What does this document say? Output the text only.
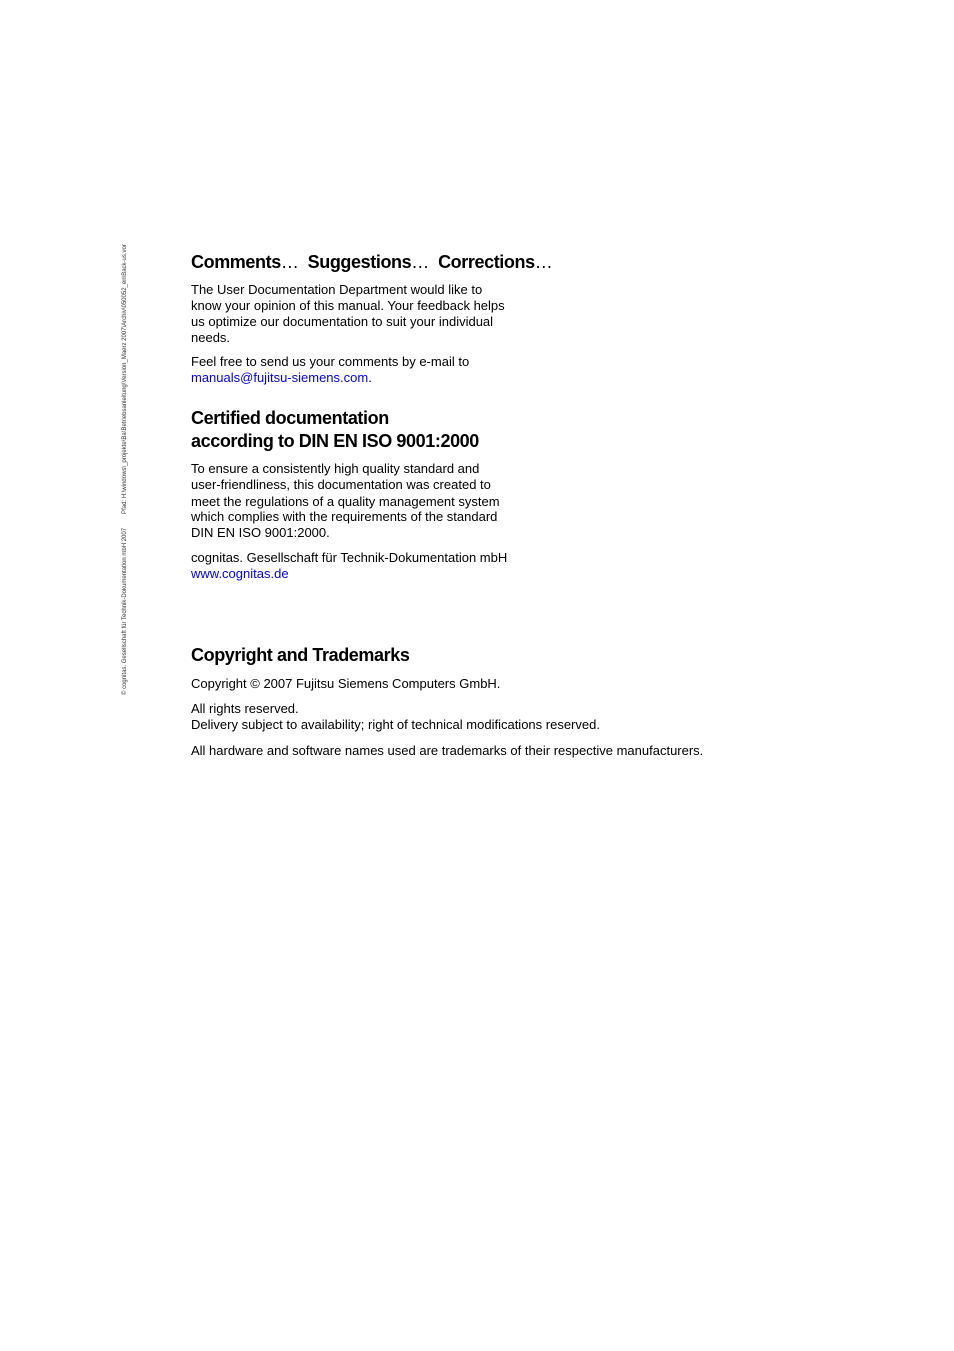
© cognitas. Gesellschaft für Technik-Dokumentation mbH 2007
Pfad: H:\windows\_projekte\Ba\Betriebsanleitung\Version_Maerz 2007\Archiv\050052_en\Back-us.vor	Comments… Suggestions… Corrections…

The User Documentation Department would like to

know your opinion of this manual. Your feedback helps

us optimize our documentation to suit your individual

needs.

Feel free to send us your comments by e-mail to

manuals@fujitsu-siemens.com.

Certified documentation
according to DIN EN ISO 9001:2000

To ensure a consistently high quality standard and

user-friendliness, this documentation was created to

meet the regulations of a quality management system

which complies with the requirements of the standard

DIN EN ISO 9001:2000.

cognitas. Gesellschaft für Technik-Dokumentation mbH

www.cognitas.de

Copyright and Trademarks

Copyright © 2007 Fujitsu Siemens Computers GmbH.

All rights reserved.

Delivery subject to availability; right of technical modifications reserved.

All hardware and software names used are trademarks of their respective manufacturers.
